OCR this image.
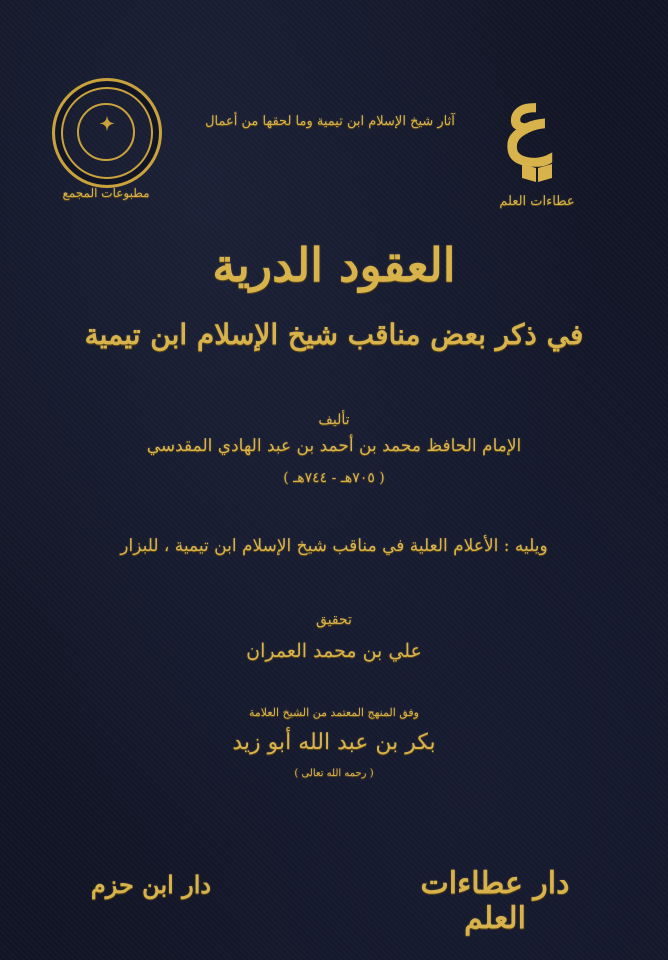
✦
مطبوعات المجمع
ع
عطاءات العلم
آثار شيخ الإسلام ابن تيمية وما لحقها من أعمال
العقود الدرية
في ذكر بعض مناقب شيخ الإسلام ابن تيمية
تأليف
الإمام الحافظ محمد بن أحمد بن عبد الهادي المقدسي
( ٧٠٥هـ - ٧٤٤هـ )
ويليه : الأعلام العلية في مناقب شيخ الإسلام ابن تيمية ، للبزار
تحقيق
علي بن محمد العمران
وفق المنهج المعتمد من الشيخ العلامة
بكر بن عبد الله أبو زيد
( رحمه الله تعالى )
دار ابن حزم	دار عطاءات العلم
